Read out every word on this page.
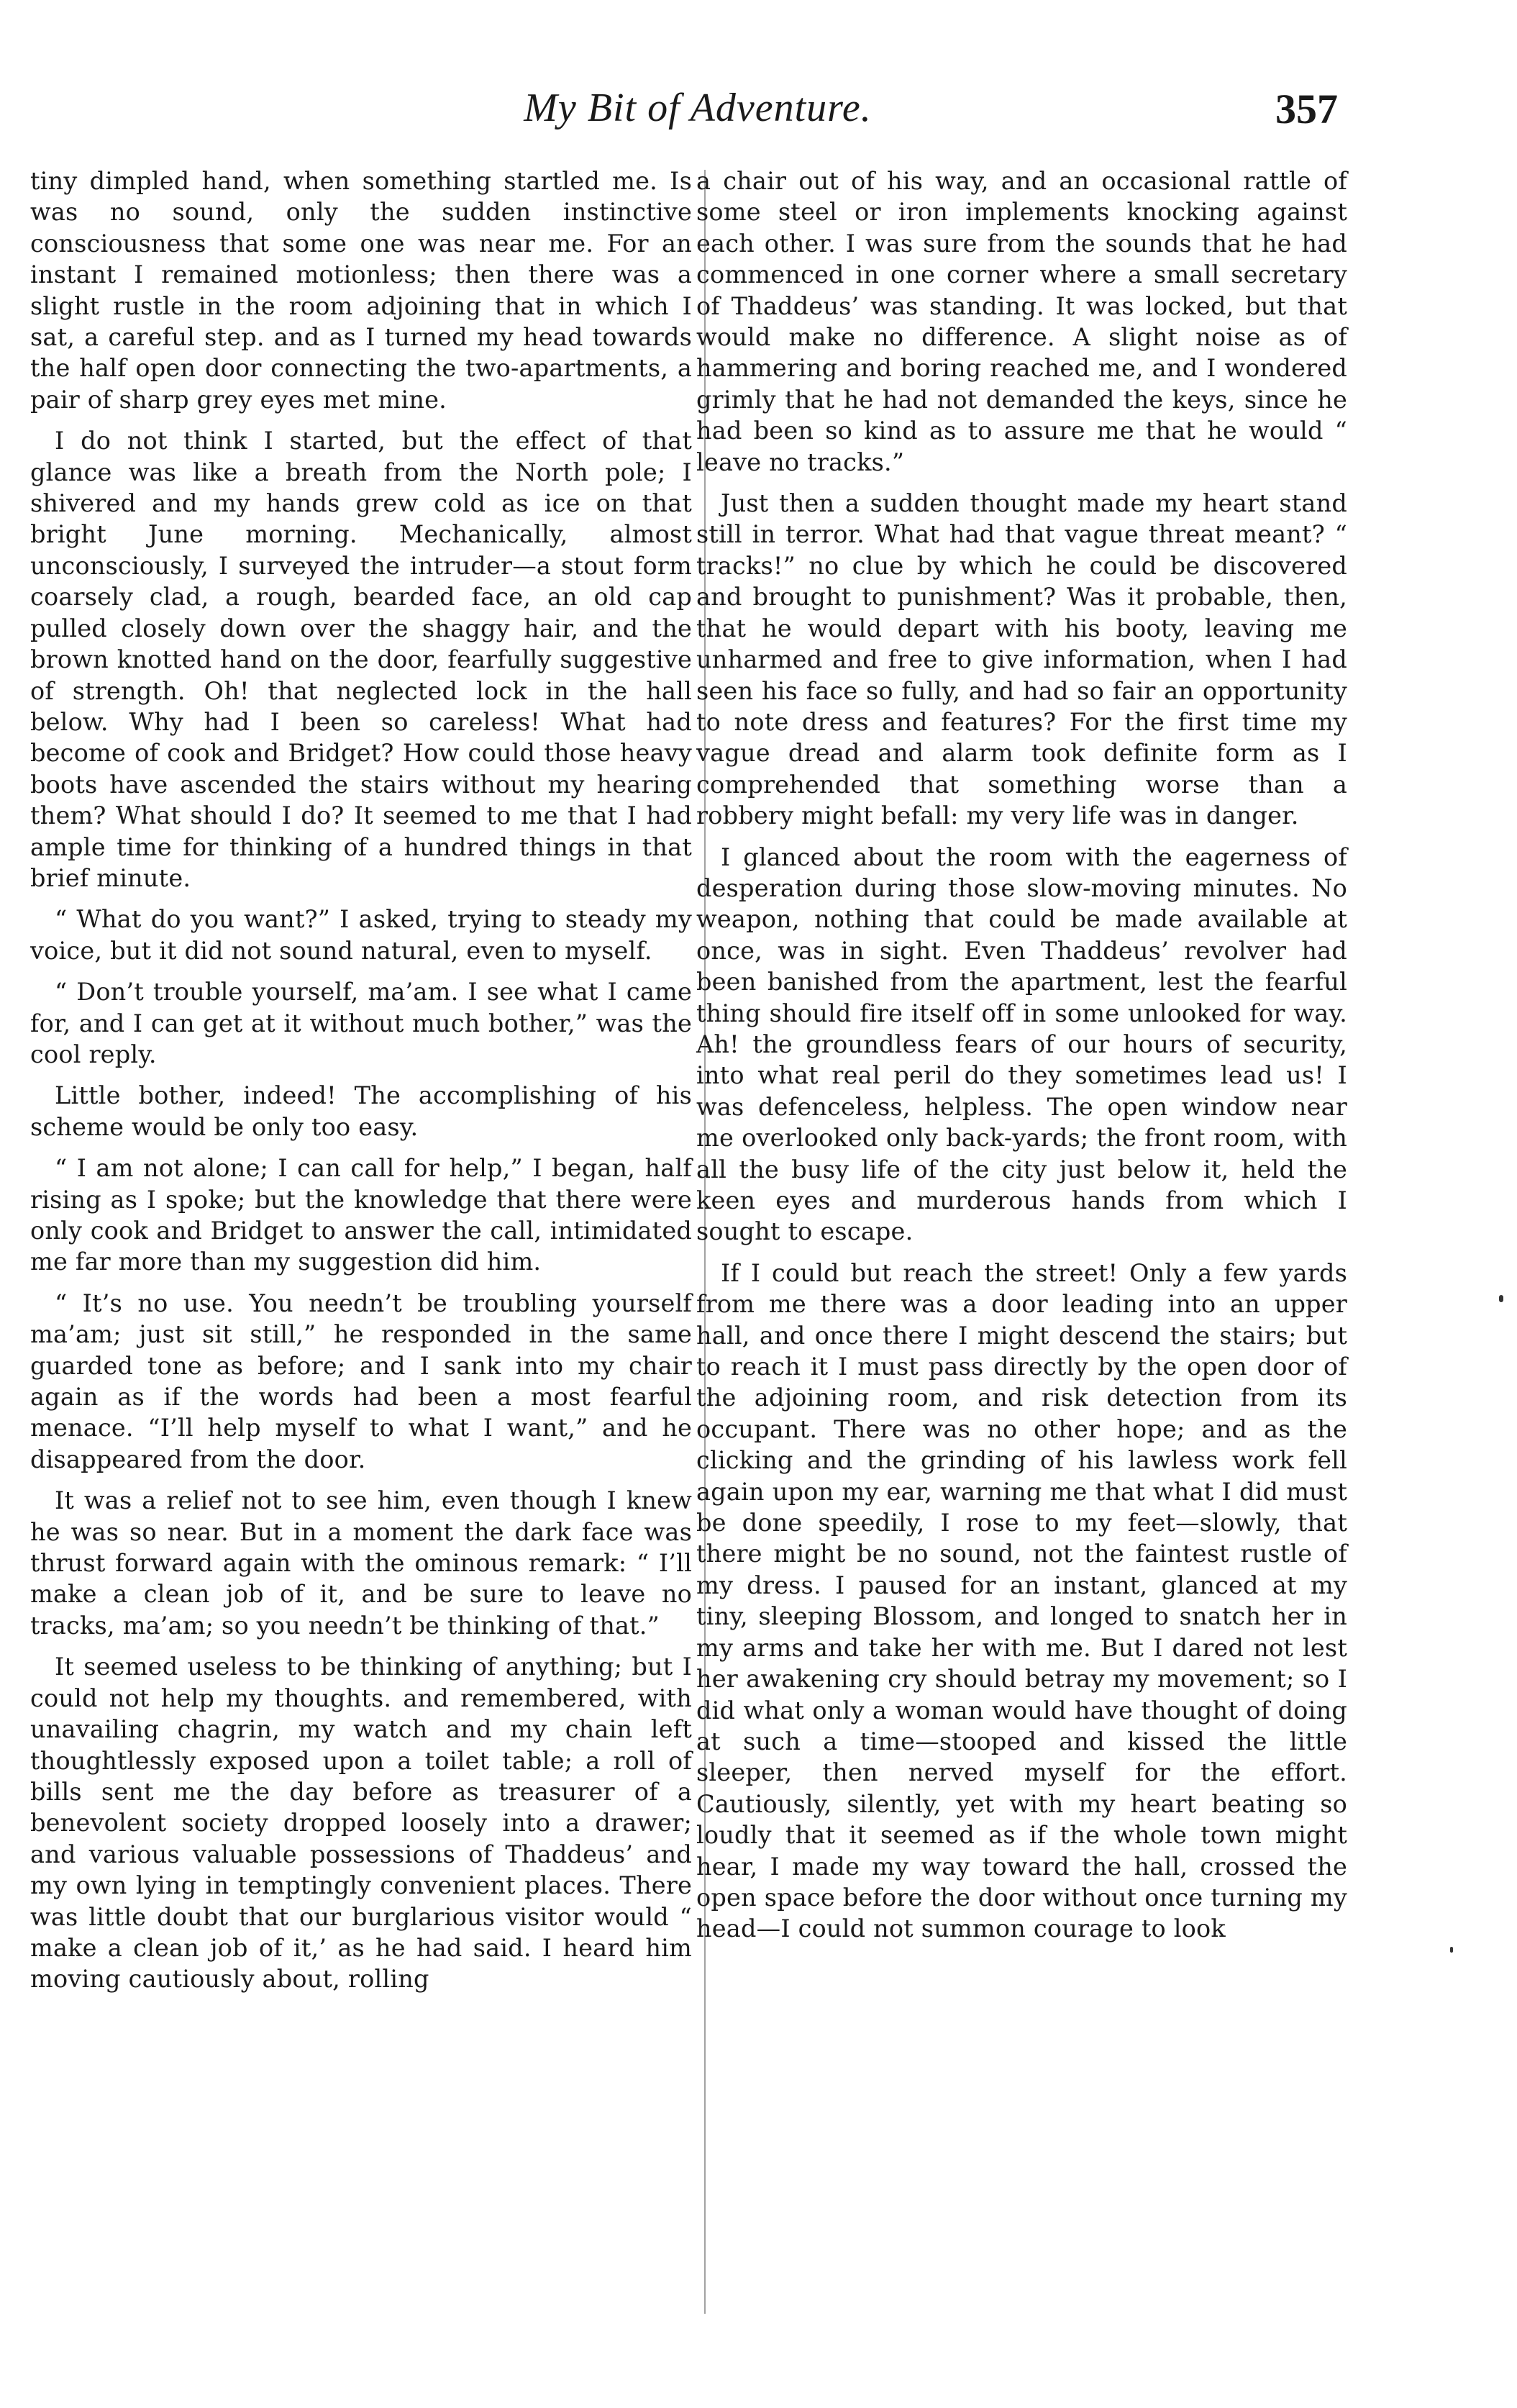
My Bit of Adventure.	357

tiny dimpled hand, when something startled me. Is was no sound, only the sudden instinctive consciousness that some one was near me. For an instant I remained motionless; then there was a slight rustle in the room adjoining that in which I sat, a careful step. and as I turned my head towards the half open door connecting the two-apartments, a pair of sharp grey eyes met mine.

I do not think I started, but the effect of that glance was like a breath from the North pole; I shivered and my hands grew cold as ice on that bright June morning. Mechanically, almost unconsciously, I surveyed the intruder—a stout form coarsely clad, a rough, bearded face, an old cap pulled closely down over the shaggy hair, and the brown knotted hand on the door, fearfully suggestive of strength. Oh! that neglected lock in the hall below. Why had I been so careless! What had become of cook and Bridget? How could those heavy boots have ascended the stairs without my hearing them? What should I do? It seemed to me that I had ample time for thinking of a hundred things in that brief minute.

“ What do you want?” I asked, trying to steady my voice, but it did not sound natural, even to myself.

“ Don’t trouble yourself, ma’am. I see what I came for, and I can get at it without much bother,” was the cool reply.

Little bother, indeed! The accomplishing of his scheme would be only too easy.

“ I am not alone; I can call for help,” I began, half rising as I spoke; but the knowledge that there were only cook and Bridget to answer the call, intimidated me far more than my suggestion did him.

“ It’s no use. You needn’t be troubling yourself ma’am; just sit still,” he responded in the same guarded tone as before; and I sank into my chair again as if the words had been a most fearful menace. “I’ll help myself to what I want,” and he disappeared from the door.

It was a relief not to see him, even though I knew he was so near. But in a moment the dark face was thrust forward again with the ominous remark: “ I’ll make a clean job of it, and be sure to leave no tracks, ma’am; so you needn’t be thinking of that.”

It seemed useless to be thinking of anything; but I could not help my thoughts. and remembered, with unavailing chagrin, my watch and my chain left thoughtlessly exposed upon a toilet table; a roll of bills sent me the day before as treasurer of a benevolent society dropped loosely into a drawer; and various valuable possessions of Thaddeus’ and my own lying in temptingly convenient places. There was little doubt that our burglarious visitor would “ make a clean job of it,’ as he had said. I heard him moving cautiously about, rolling

a chair out of his way, and an occasional rattle of some steel or iron implements knocking against each other. I was sure from the sounds that he had commenced in one corner where a small secretary of Thaddeus’ was standing. It was locked, but that would make no difference. A slight noise as of hammering and boring reached me, and I wondered grimly that he had not demanded the keys, since he had been so kind as to assure me that he would “ leave no tracks.”

Just then a sudden thought made my heart stand still in terror. What had that vague threat meant? “ tracks!” no clue by which he could be discovered and brought to punishment? Was it probable, then, that he would depart with his booty, leaving me unharmed and free to give information, when I had seen his face so fully, and had so fair an opportunity to note dress and features? For the first time my vague dread and alarm took definite form as I comprehended that something worse than a robbery might befall: my very life was in danger.

I glanced about the room with the eagerness of desperation during those slow-moving minutes. No weapon, nothing that could be made available at once, was in sight. Even Thaddeus’ revolver had been banished from the apartment, lest the fearful thing should fire itself off in some unlooked for way. Ah! the groundless fears of our hours of security, into what real peril do they sometimes lead us! I was defenceless, helpless. The open window near me overlooked only back-yards; the front room, with all the busy life of the city just below it, held the keen eyes and murderous hands from which I sought to escape.

If I could but reach the street! Only a few yards from me there was a door leading into an upper hall, and once there I might descend the stairs; but to reach it I must pass directly by the open door of the adjoining room, and risk detection from its occupant. There was no other hope; and as the clicking and the grinding of his lawless work fell again upon my ear, warning me that what I did must be done speedily, I rose to my feet—slowly, that there might be no sound, not the faintest rustle of my dress. I paused for an instant, glanced at my tiny, sleeping Blossom, and longed to snatch her in my arms and take her with me. But I dared not lest her awakening cry should betray my movement; so I did what only a woman would have thought of doing at such a time—stooped and kissed the little sleeper, then nerved myself for the effort. Cautiously, silently, yet with my heart beating so loudly that it seemed as if the whole town might hear, I made my way toward the hall, crossed the open space before the door without once turning my head—I could not summon courage to look
